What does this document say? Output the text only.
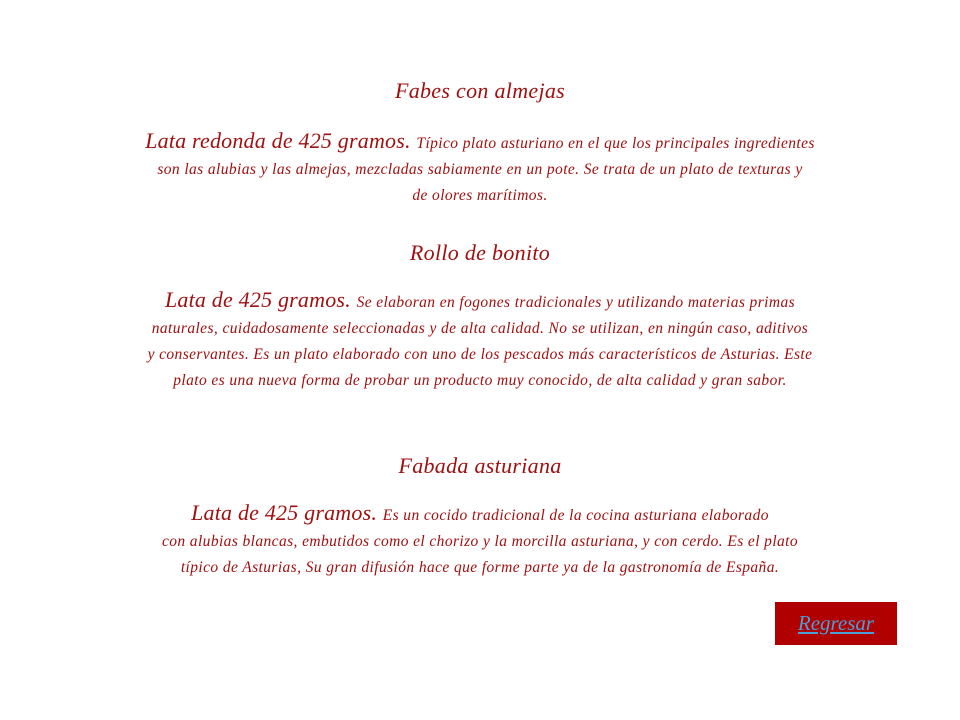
Fabes con almejas
Lata redonda de 425 gramos. Típico plato asturiano en el que los principales ingredientes
son las alubias y las almejas, mezcladas sabiamente en un pote. Se trata de un plato de texturas y
de olores marítimos.
Rollo de bonito
Lata de 425 gramos. Se elaboran en fogones tradicionales y utilizando materias primas
naturales, cuidadosamente seleccionadas y de alta calidad. No se utilizan, en ningún caso, aditivos
y conservantes. Es un plato elaborado con uno de los pescados más característicos de Asturias. Este
plato es una nueva forma de probar un producto muy conocido, de alta calidad y gran sabor.
Fabada asturiana
Lata de 425 gramos. Es un cocido tradicional de la cocina asturiana elaborado
con alubias blancas, embutidos como el chorizo y la morcilla asturiana, y con cerdo. Es el plato
típico de Asturias, Su gran difusión hace que forme parte ya de la gastronomía de España.
Regresar
